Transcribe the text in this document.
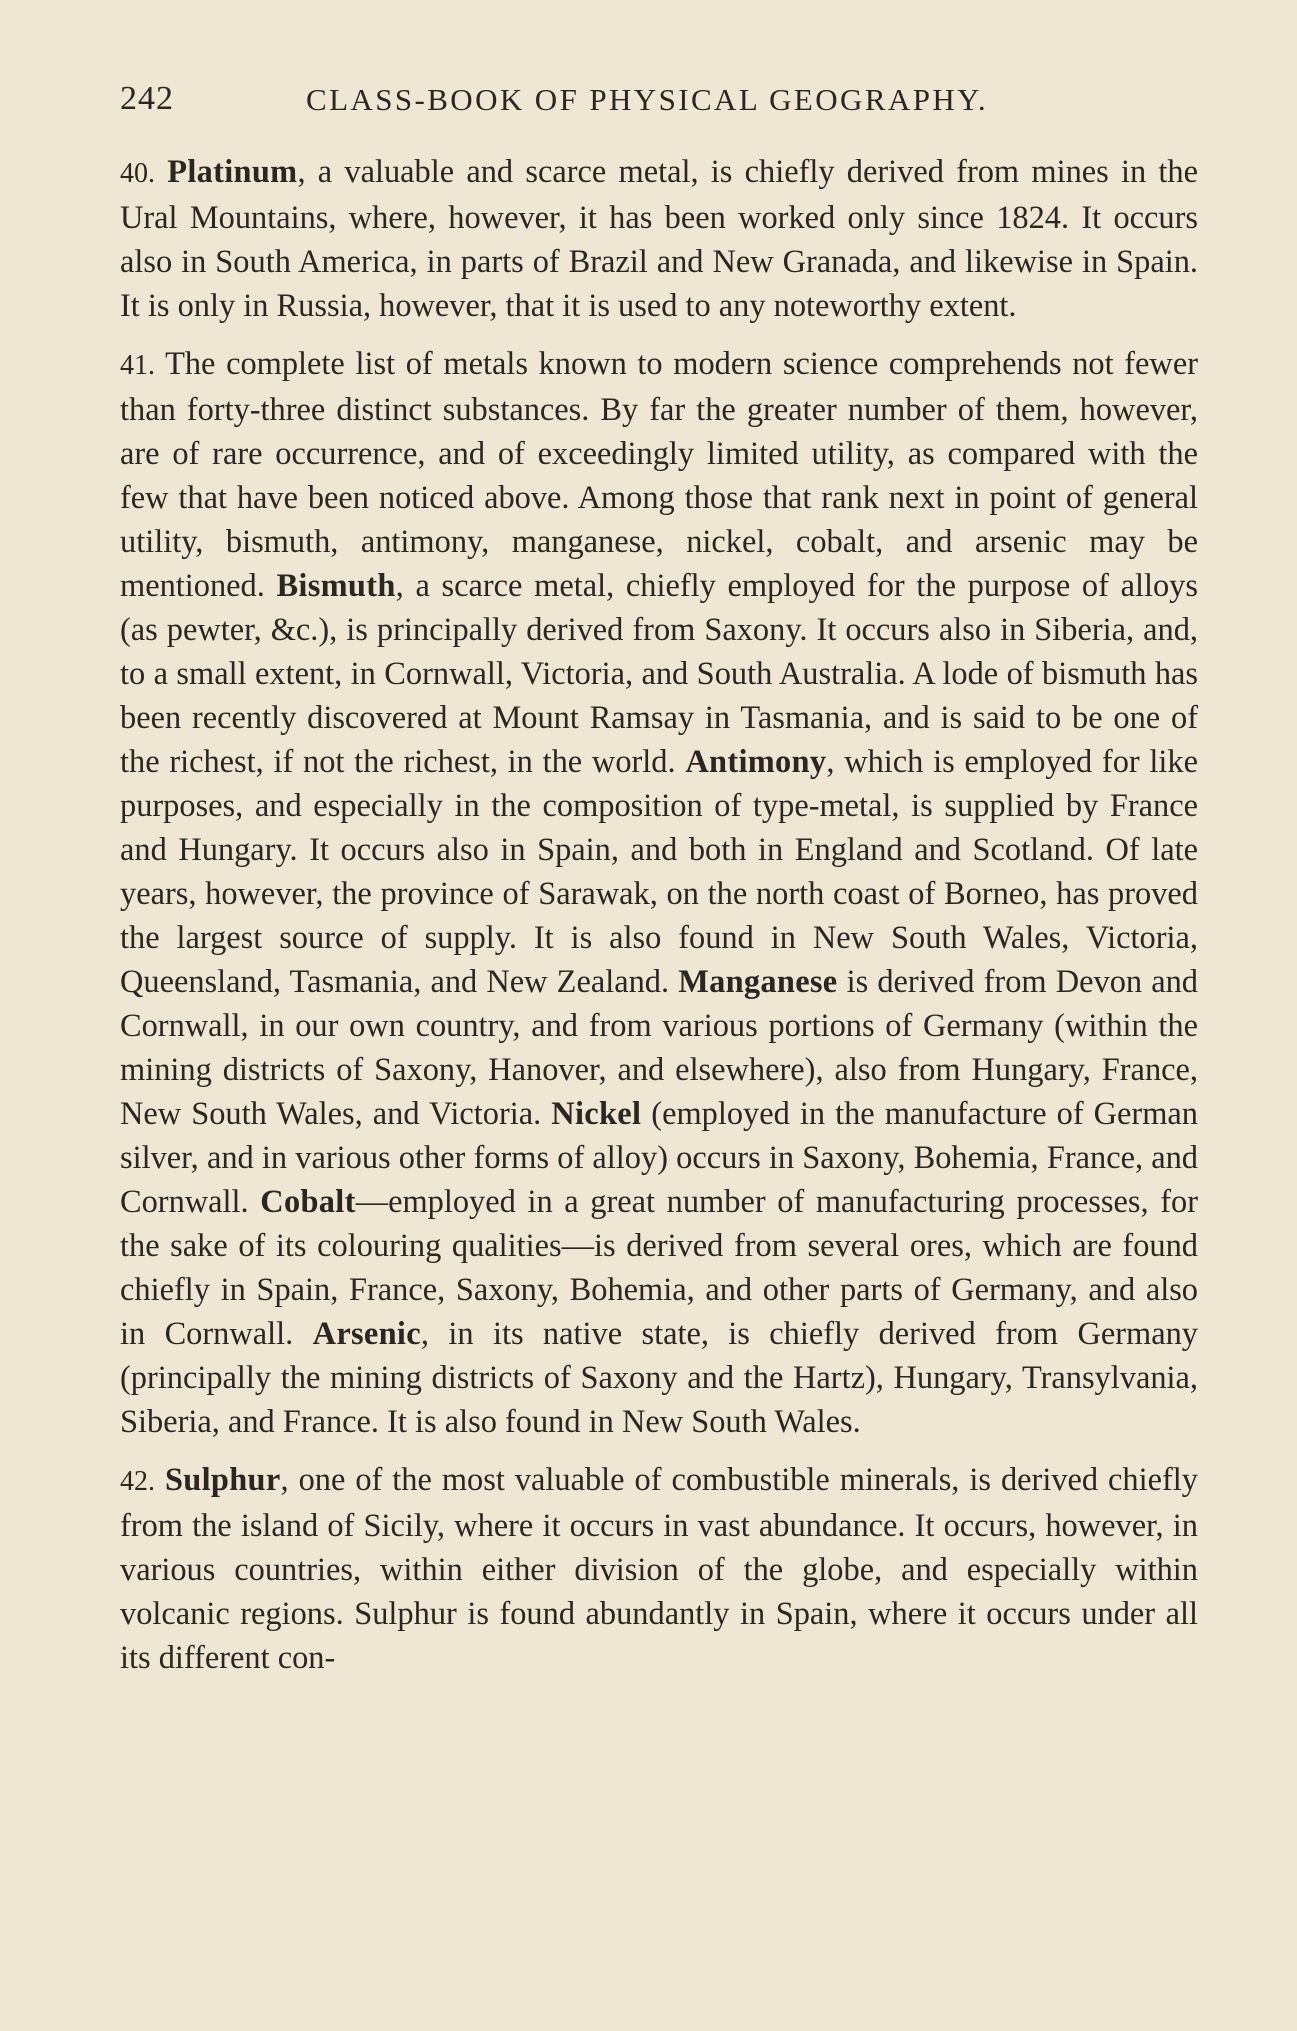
242	CLASS-BOOK OF PHYSICAL GEOGRAPHY.

40. Platinum, a valuable and scarce metal, is chiefly derived from mines in the Ural Mountains, where, however, it has been worked only since 1824. It occurs also in South America, in parts of Brazil and New Granada, and likewise in Spain. It is only in Russia, however, that it is used to any noteworthy extent.

41. The complete list of metals known to modern science comprehends not fewer than forty-three distinct substances. By far the greater number of them, however, are of rare occurrence, and of exceedingly limited utility, as compared with the few that have been noticed above. Among those that rank next in point of general utility, bismuth, antimony, manganese, nickel, cobalt, and arsenic may be mentioned. Bismuth, a scarce metal, chiefly employed for the purpose of alloys (as pewter, &c.), is principally derived from Saxony. It occurs also in Siberia, and, to a small extent, in Cornwall, Victoria, and South Australia. A lode of bismuth has been recently discovered at Mount Ramsay in Tasmania, and is said to be one of the richest, if not the richest, in the world. Antimony, which is employed for like purposes, and especially in the composition of type-metal, is supplied by France and Hungary. It occurs also in Spain, and both in England and Scotland. Of late years, however, the province of Sarawak, on the north coast of Borneo, has proved the largest source of supply. It is also found in New South Wales, Victoria, Queensland, Tasmania, and New Zealand. Manganese is derived from Devon and Cornwall, in our own country, and from various portions of Germany (within the mining districts of Saxony, Hanover, and elsewhere), also from Hungary, France, New South Wales, and Victoria. Nickel (employed in the manufacture of German silver, and in various other forms of alloy) occurs in Saxony, Bohemia, France, and Cornwall. Cobalt—employed in a great number of manufacturing processes, for the sake of its colouring qualities—is derived from several ores, which are found chiefly in Spain, France, Saxony, Bohemia, and other parts of Germany, and also in Cornwall. Arsenic, in its native state, is chiefly derived from Germany (principally the mining districts of Saxony and the Hartz), Hungary, Transylvania, Siberia, and France. It is also found in New South Wales.

42. Sulphur, one of the most valuable of combustible minerals, is derived chiefly from the island of Sicily, where it occurs in vast abundance. It occurs, however, in various countries, within either division of the globe, and especially within volcanic regions. Sulphur is found abundantly in Spain, where it occurs under all its different con-
